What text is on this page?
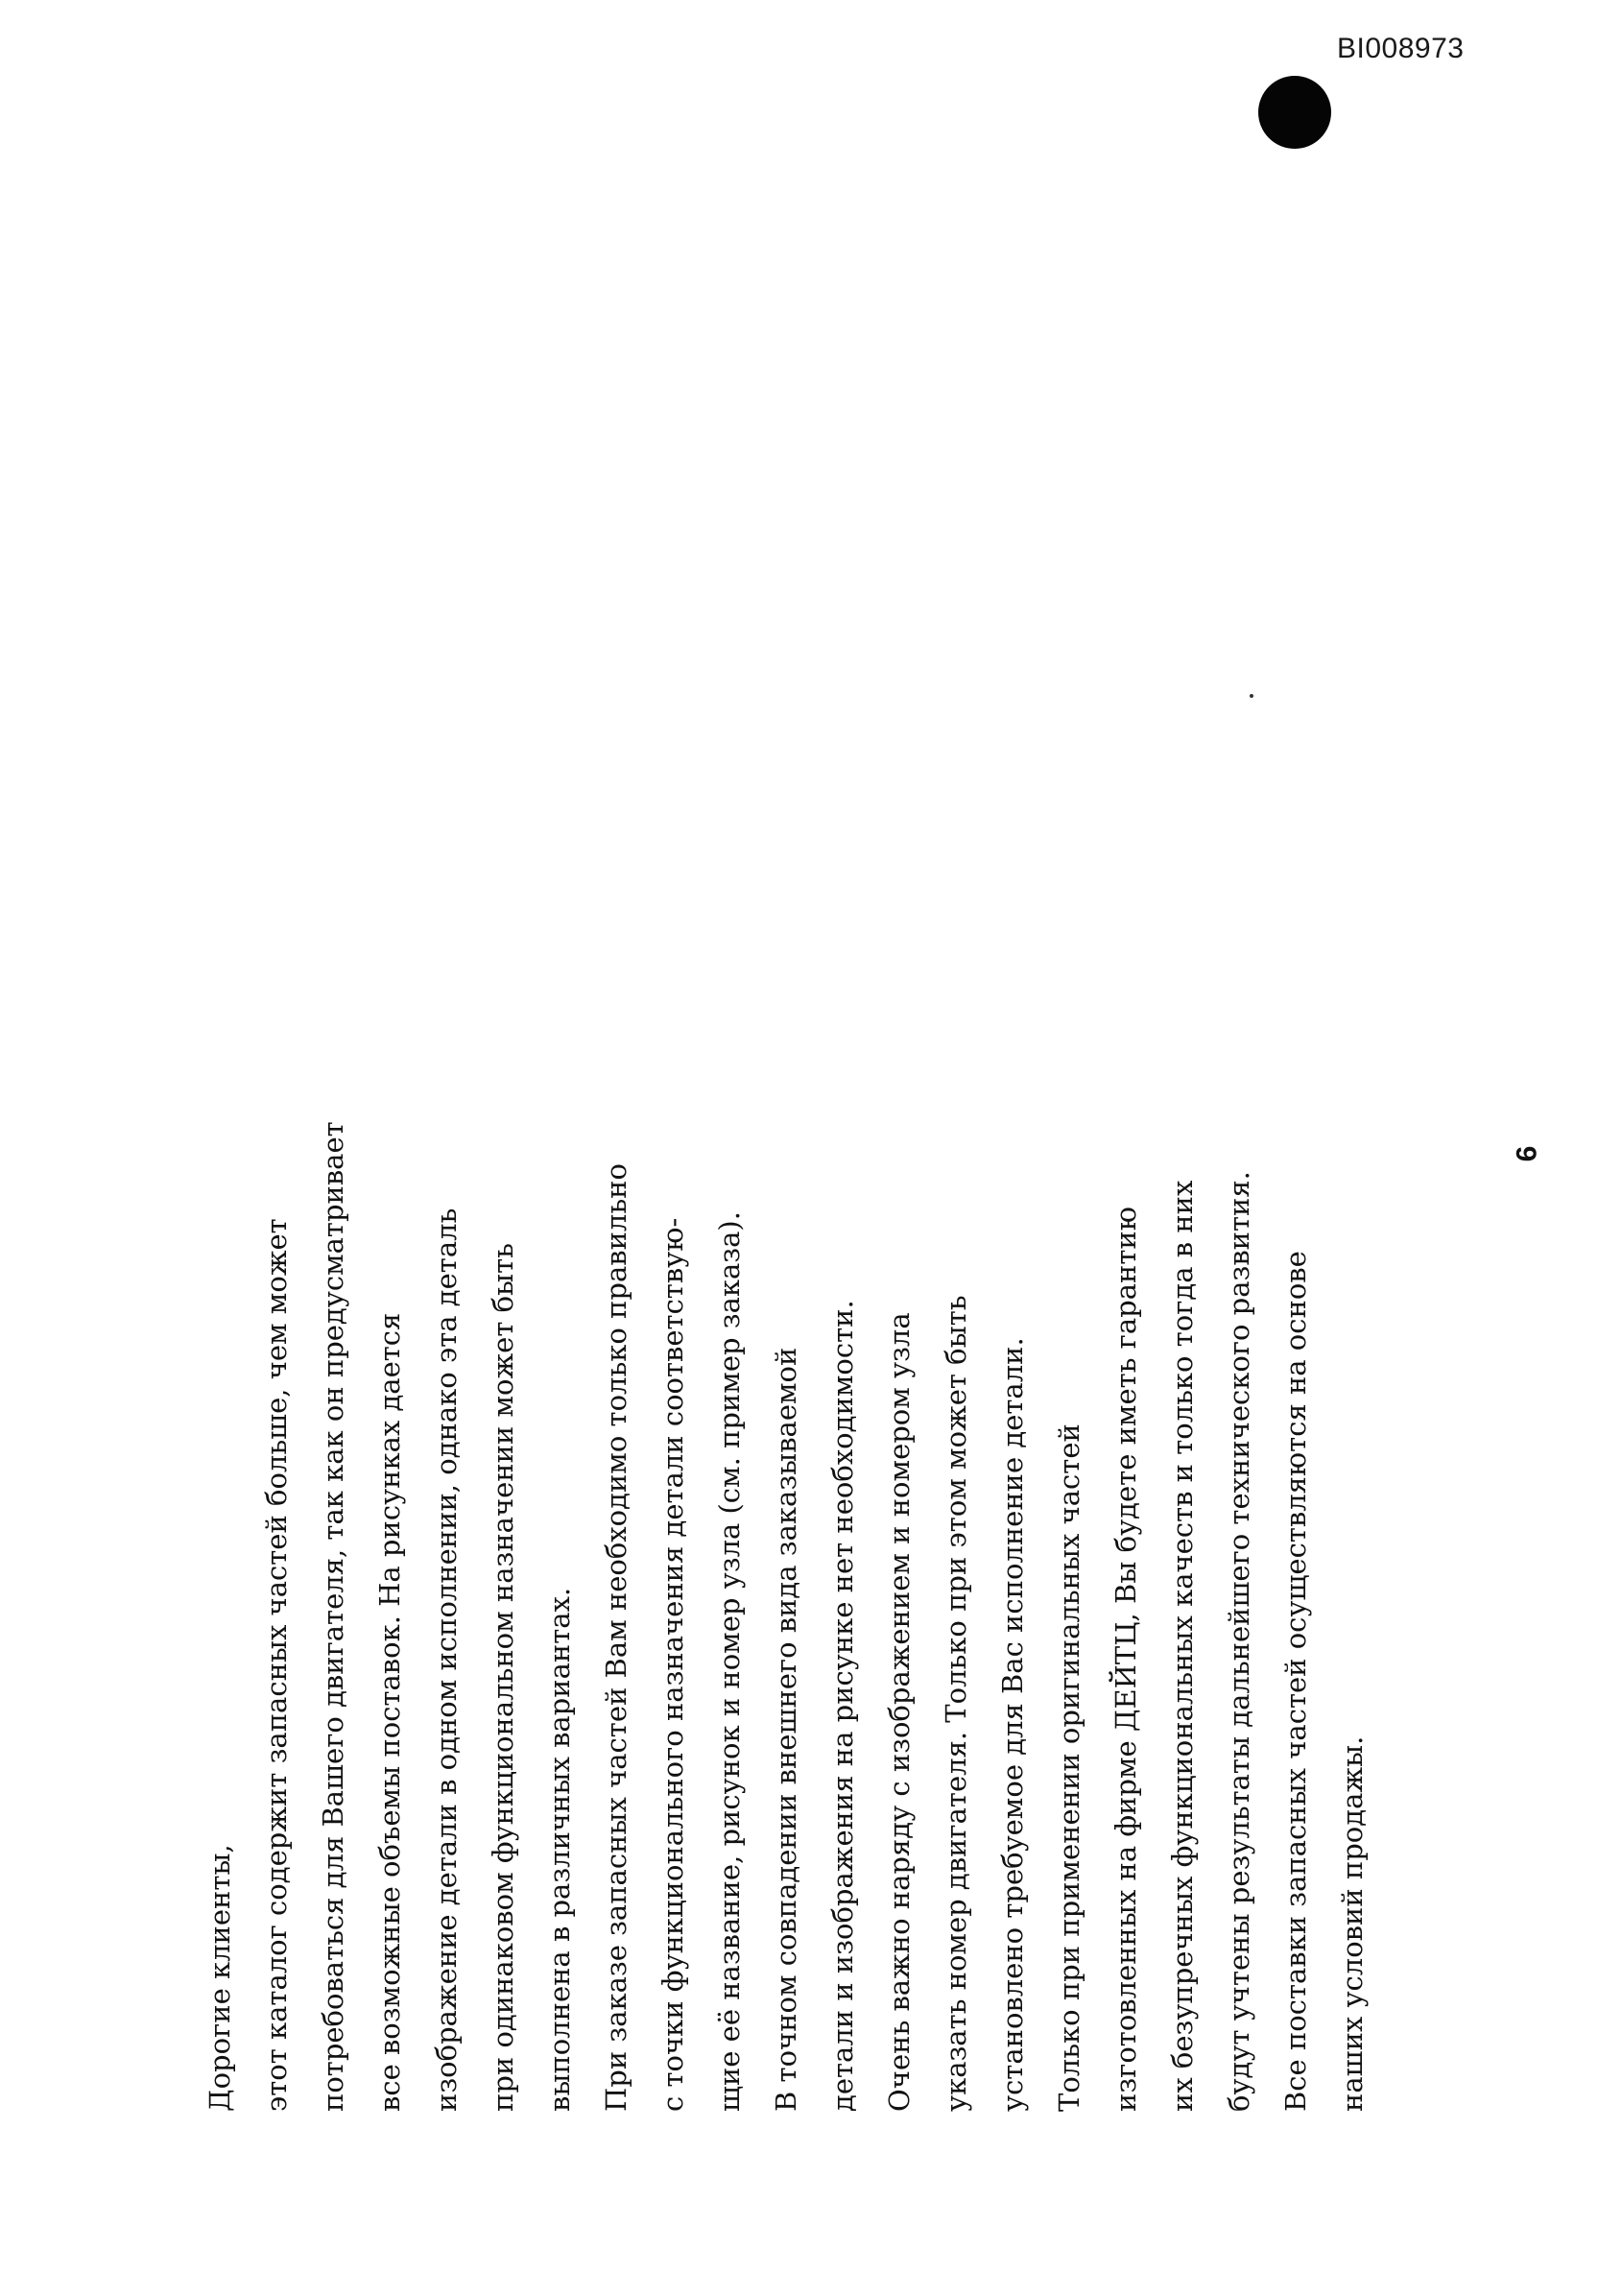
BI008973
6
Дорогие клиенты, этот каталог содержит запасных частей больше, чем может потребоваться для Вашего двигателя, так как он предусматривает все возможные объемы поставок. На рисунках дается изображение детали в одном исполнении, однако эта деталь при одинаковом функциональном назначении может быть выполнена в различных вариантах. При заказе запасных частей Вам необходимо только правильно с точки функционального назначения детали соответствую- щие её название, рисунок и номер узла (см. пример заказа). В точном совпадении внешнего вида заказываемой детали и изображения на рисунке нет необходимости. Очень важно наряду с изображением и номером узла указать номер двигателя. Только при этом может быть установлено требуемое для Вас исполнение детали. Только при применении оригинальных частей изготовленных на фирме ДЕЙТЦ, Вы будете иметь гарантию их безупречных функциональных качеств и только тогда в них будут учтены результаты дальнейшего технического развития. Все поставки запасных частей осуществляются на основе наших условий продажы.
